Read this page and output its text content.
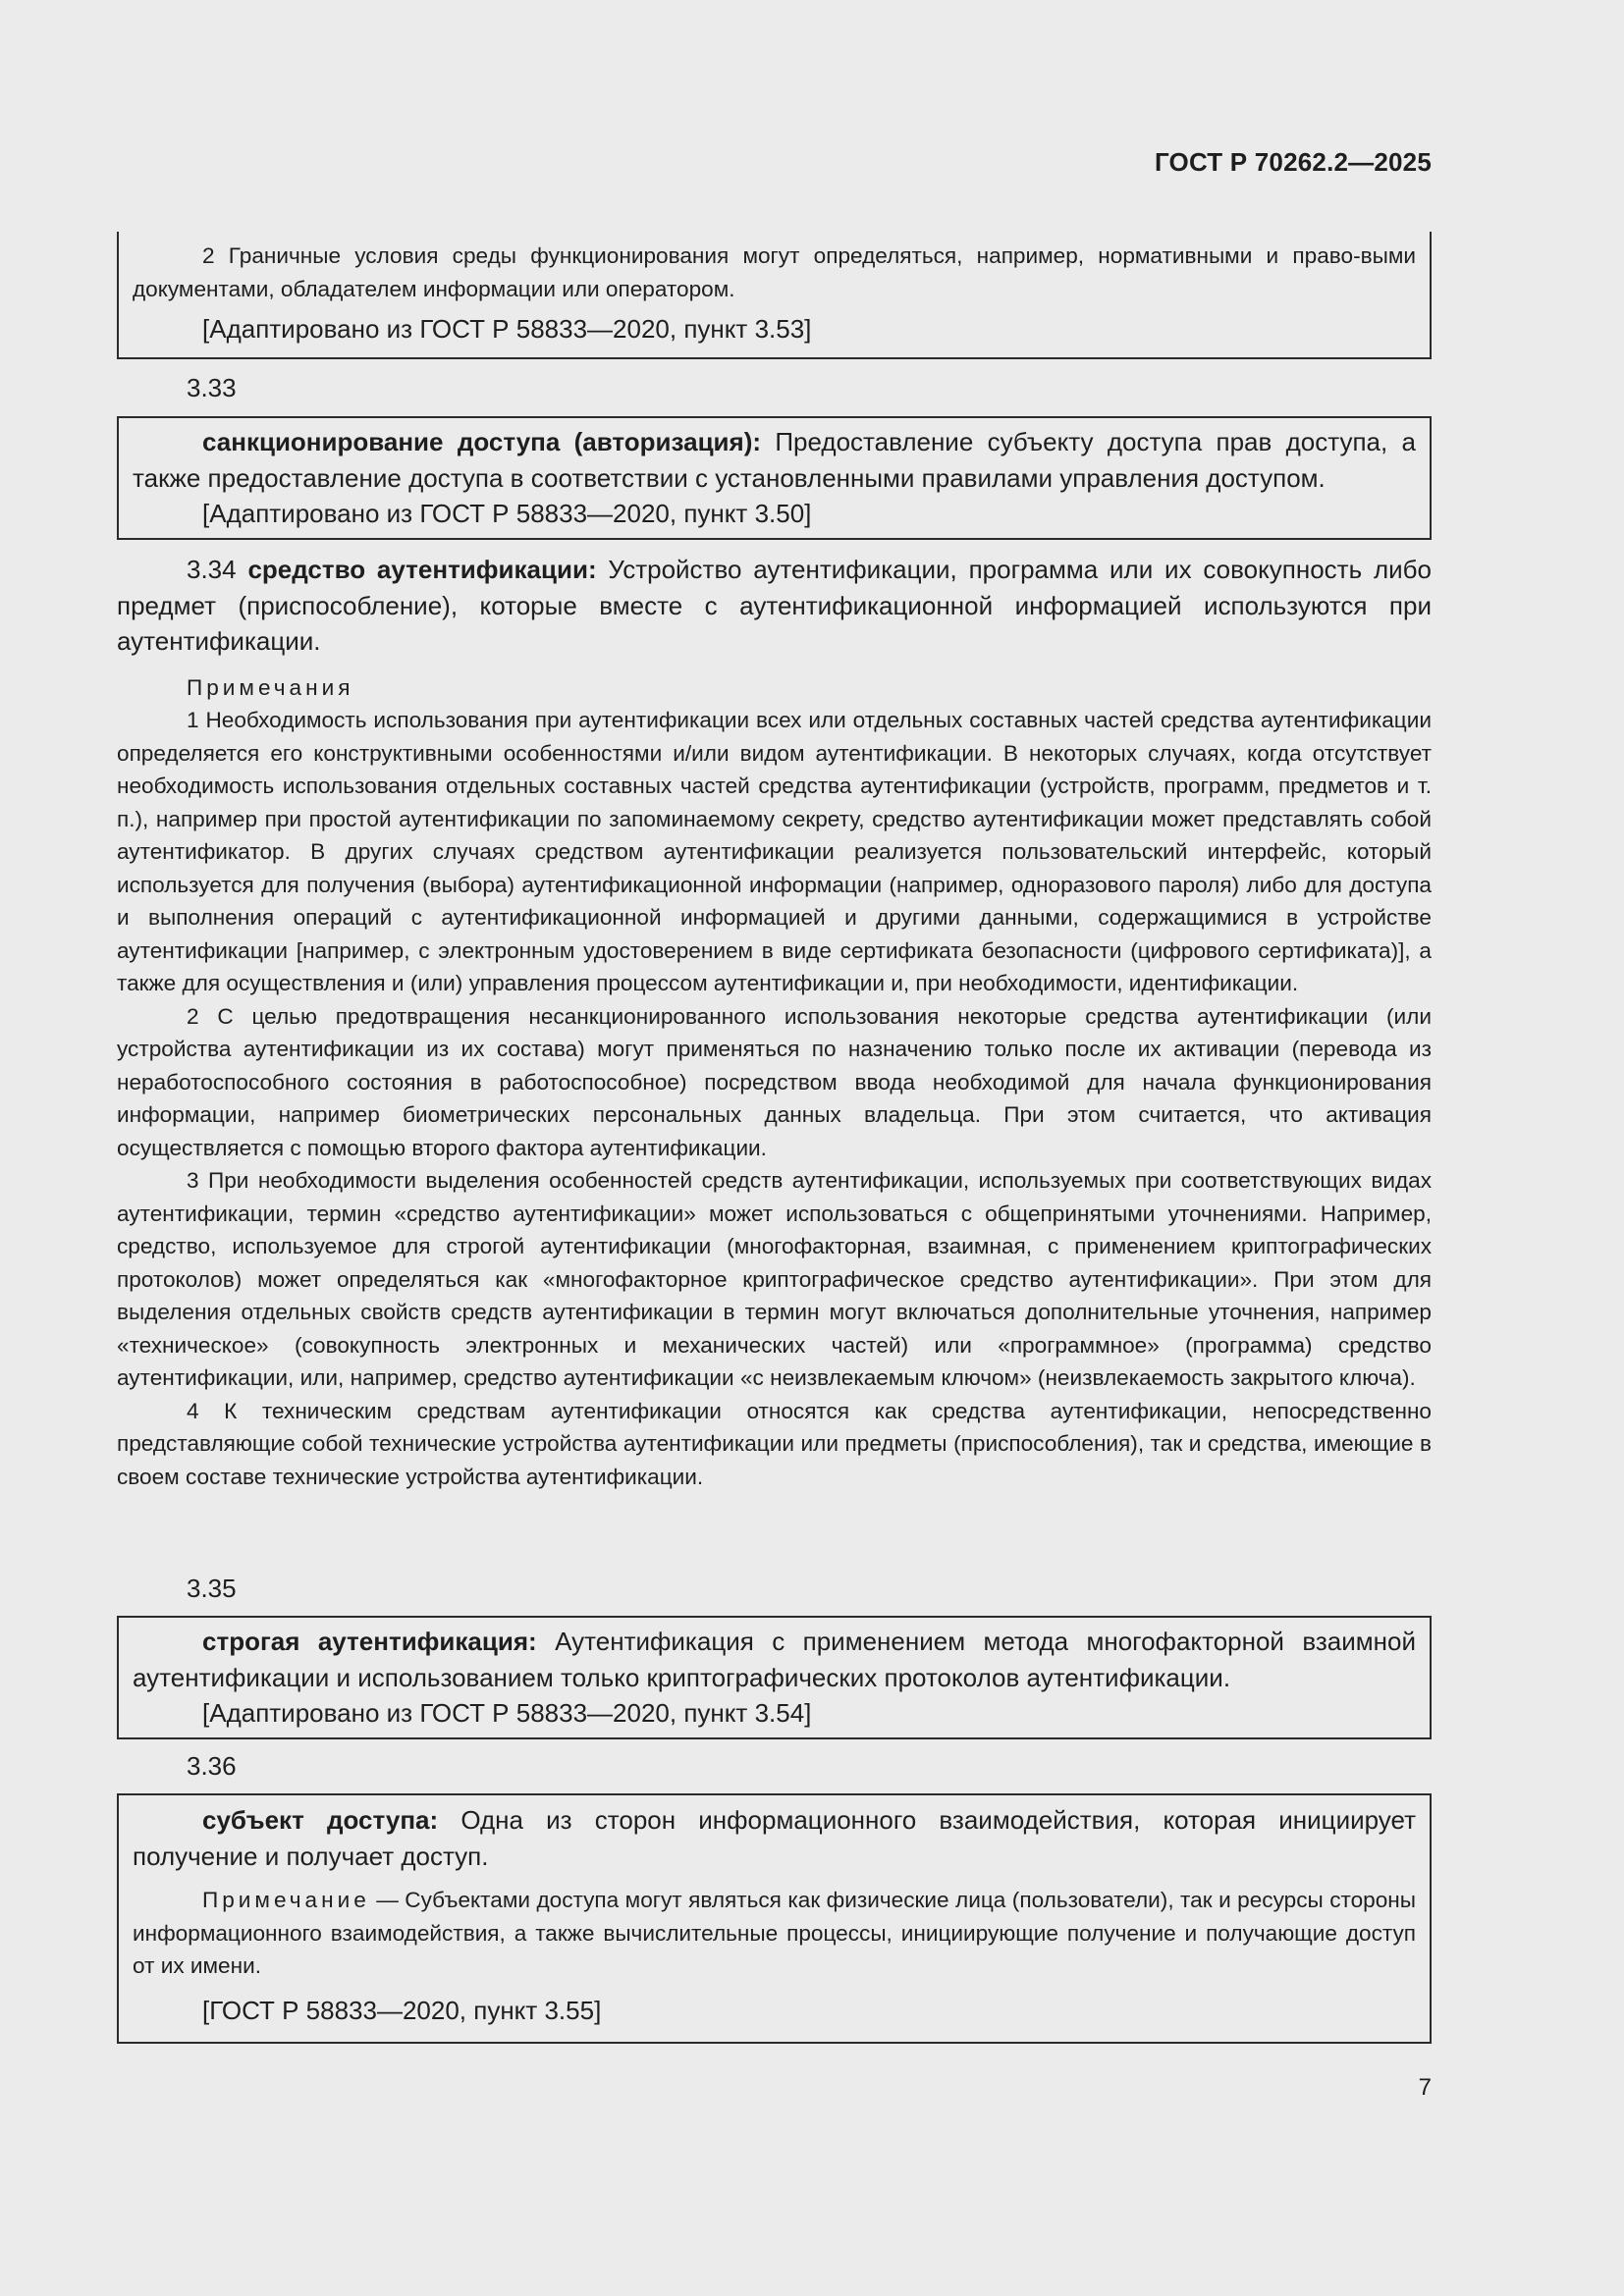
ГОСТ Р 70262.2—2025

2 Граничные условия среды функционирования могут определяться, например, нормативными и право-выми документами, обладателем информации или оператором.

[Адаптировано из ГОСТ Р 58833—2020, пункт 3.53]

3.33

санкционирование доступа (авторизация): Предоставление субъекту доступа прав доступа, а также предоставление доступа в соответствии с установленными правилами управления доступом.

[Адаптировано из ГОСТ Р 58833—2020, пункт 3.50]

3.34 средство аутентификации: Устройство аутентификации, программа или их совокупность либо предмет (приспособление), которые вместе с аутентификационной информацией используются при аутентификации.

Примечания

1 Необходимость использования при аутентификации всех или отдельных составных частей средства аутентификации определяется его конструктивными особенностями и/или видом аутентификации. В некоторых случаях, когда отсутствует необходимость использования отдельных составных частей средства аутентификации (устройств, программ, предметов и т. п.), например при простой аутентификации по запоминаемому секрету, средство аутентификации может представлять собой аутентификатор. В других случаях средством аутентификации реализуется пользовательский интерфейс, который используется для получения (выбора) аутентификационной информации (например, одноразового пароля) либо для доступа и выполнения операций с аутентификационной информацией и другими данными, содержащимися в устройстве аутентификации [например, с электронным удостоверением в виде сертификата безопасности (цифрового сертификата)], а также для осуществления и (или) управления процессом аутентификации и, при необходимости, идентификации.

2 С целью предотвращения несанкционированного использования некоторые средства аутентификации (или устройства аутентификации из их состава) могут применяться по назначению только после их активации (перевода из неработоспособного состояния в работоспособное) посредством ввода необходимой для начала функционирования информации, например биометрических персональных данных владельца. При этом считается, что активация осуществляется с помощью второго фактора аутентификации.

3 При необходимости выделения особенностей средств аутентификации, используемых при соответствующих видах аутентификации, термин «средство аутентификации» может использоваться с общепринятыми уточнениями. Например, средство, используемое для строгой аутентификации (многофакторная, взаимная, с применением криптографических протоколов) может определяться как «многофакторное криптографическое средство аутентификации». При этом для выделения отдельных свойств средств аутентификации в термин могут включаться дополнительные уточнения, например «техническое» (совокупность электронных и механических частей) или «программное» (программа) средство аутентификации, или, например, средство аутентификации «с неизвлекаемым ключом» (неизвлекаемость закрытого ключа).

4 К техническим средствам аутентификации относятся как средства аутентификации, непосредственно представляющие собой технические устройства аутентификации или предметы (приспособления), так и средства, имеющие в своем составе технические устройства аутентификации.

3.35

строгая аутентификация: Аутентификация с применением метода многофакторной взаимной аутентификации и использованием только криптографических протоколов аутентификации.

[Адаптировано из ГОСТ Р 58833—2020, пункт 3.54]

3.36

субъект доступа: Одна из сторон информационного взаимодействия, которая инициирует получение и получает доступ.

Примечание — Субъектами доступа могут являться как физические лица (пользователи), так и ресурсы стороны информационного взаимодействия, а также вычислительные процессы, инициирующие получение и получающие доступ от их имени.

[ГОСТ Р 58833—2020, пункт 3.55]

7
